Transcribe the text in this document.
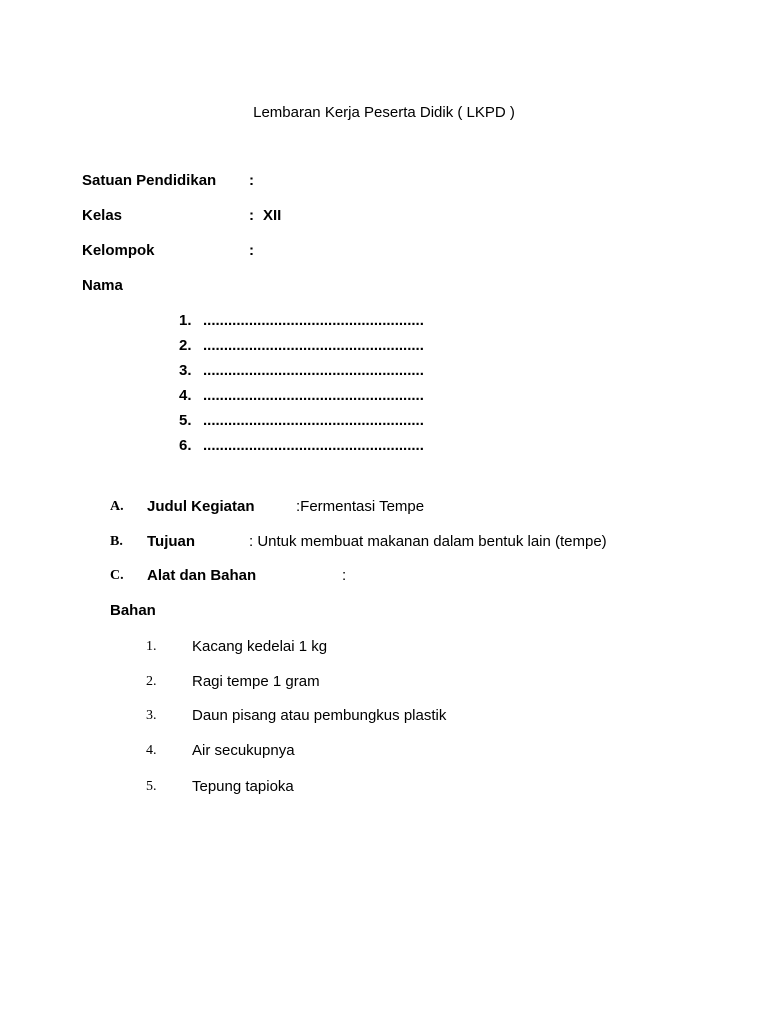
Lembaran Kerja Peserta Didik ( LKPD )
Satuan Pendidikan :
Kelas	: XII
Kelompok	:
Nama
1. .....................................................
2. .....................................................
3. .....................................................
4. .....................................................
5. .....................................................
6. .....................................................
A. Judul Kegiatan	:Fermentasi Tempe
B. Tujuan	: Untuk membuat makanan dalam bentuk lain (tempe)
C. Alat dan Bahan	:
Bahan
1. Kacang kedelai 1 kg
2. Ragi tempe 1 gram
3. Daun pisang atau pembungkus plastik
4. Air secukupnya
5. Tepung tapioka
